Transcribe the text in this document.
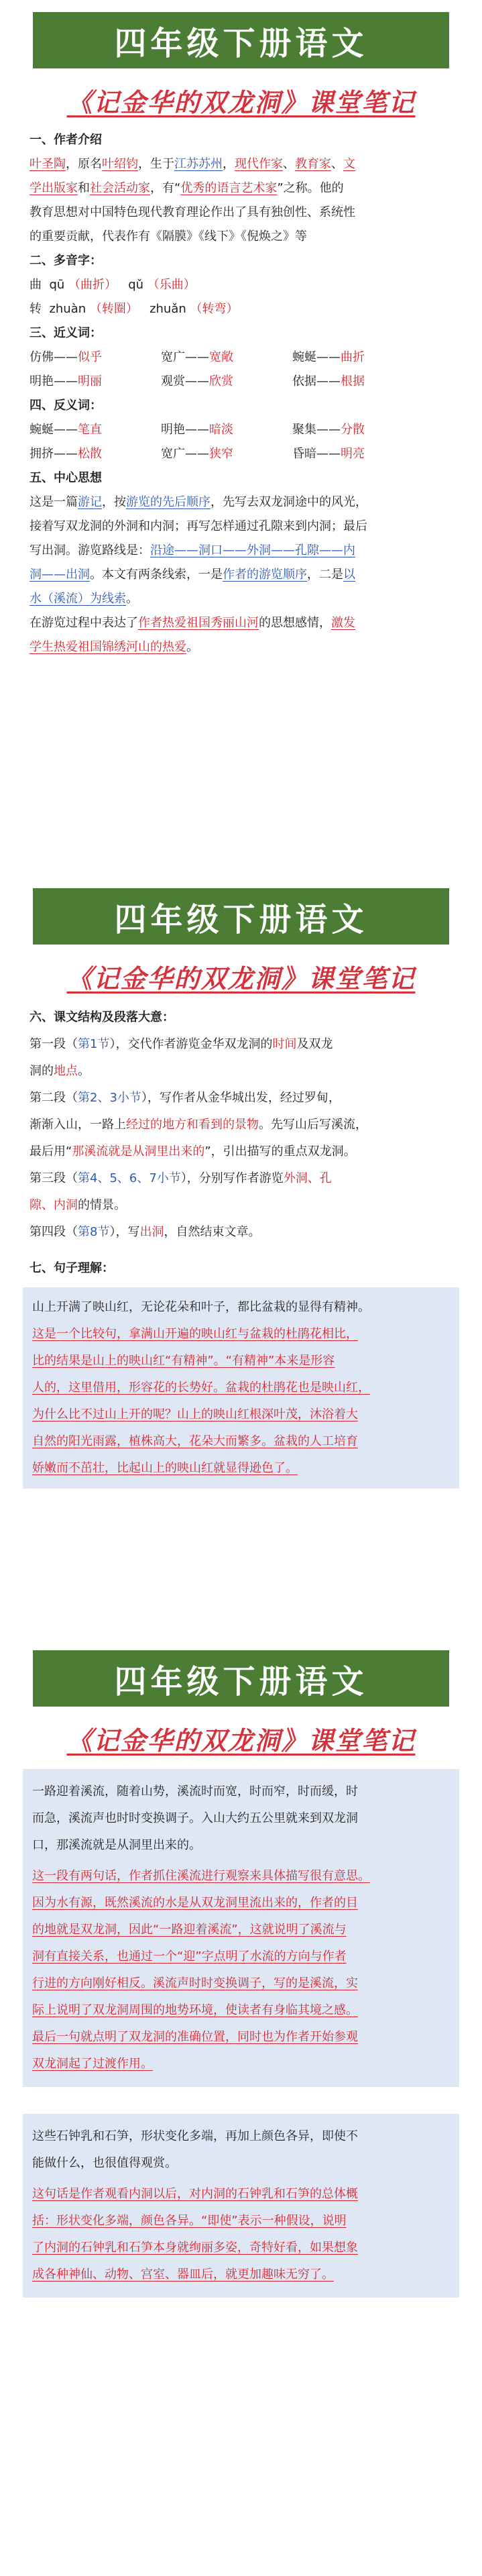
四年级下册语文
《记金华的双龙洞》课堂笔记
一、作者介绍
叶圣陶，原名叶绍钧，生于江苏苏州，现代作家、教育家、文
学出版家和社会活动家，有“优秀的语言艺术家”之称。他的
教育思想对中国特色现代教育理论作出了具有独创性、系统性
的重要贡献，代表作有《隔膜》《线下》《倪焕之》等
二、多音字：
曲 qū （曲折） qǔ （乐曲）
转 zhuàn （转圈） zhuǎn （转弯）
三、近义词：
仿佛——似乎	宽广——宽敞	蜿蜒——曲折
明艳——明丽	观赏——欣赏	依据——根据
四、反义词：
蜿蜒——笔直	明艳——暗淡	聚集——分散
拥挤——松散	宽广——狭窄	昏暗——明亮
五、中心思想
这是一篇游记，按游览的先后顺序，先写去双龙洞途中的风光，
接着写双龙洞的外洞和内洞；再写怎样通过孔隙来到内洞；最后
写出洞。游览路线是：沿途——洞口——外洞——孔隙——内
洞——出洞。本文有两条线索，一是作者的游览顺序，二是以
水（溪流）为线索。
在游览过程中表达了作者热爱祖国秀丽山河的思想感情，激发
学生热爱祖国锦绣河山的热爱。
四年级下册语文
《记金华的双龙洞》课堂笔记
六、课文结构及段落大意：
第一段（第1节），交代作者游览金华双龙洞的时间及双龙
洞的地点。
第二段（第2、3小节），写作者从金华城出发，经过罗甸，
渐渐入山，一路上经过的地方和看到的景物。先写山后写溪流，
最后用“那溪流就是从洞里出来的”，引出描写的重点双龙洞。
第三段（第4、5、6、7小节），分别写作者游览外洞、孔
隙、内洞的情景。
第四段（第8节），写出洞，自然结束文章。
七、句子理解：
山上开满了映山红，无论花朵和叶子，都比盆栽的显得有精神。
这是一个比较句，拿满山开遍的映山红与盆栽的杜鹃花相比，
比的结果是山上的映山红“有精神”。“有精神”本来是形容
人的，这里借用，形容花的长势好。盆栽的杜鹃花也是映山红，
为什么比不过山上开的呢？山上的映山红根深叶茂，沐浴着大
自然的阳光雨露，植株高大，花朵大而繁多。盆栽的人工培育
娇嫩而不茁壮，比起山上的映山红就显得逊色了。
四年级下册语文
《记金华的双龙洞》课堂笔记
一路迎着溪流，随着山势，溪流时而宽，时而窄，时而缓，时
而急，溪流声也时时变换调子。入山大约五公里就来到双龙洞
口，那溪流就是从洞里出来的。
这一段有两句话，作者抓住溪流进行观察来具体描写很有意思。
因为水有源，既然溪流的水是从双龙洞里流出来的，作者的目
的地就是双龙洞，因此“一路迎着溪流”，这就说明了溪流与
洞有直接关系，也通过一个“迎”字点明了水流的方向与作者
行进的方向刚好相反。溪流声时时变换调子，写的是溪流，实
际上说明了双龙洞周围的地势环境，使读者有身临其境之感。
最后一句就点明了双龙洞的准确位置，同时也为作者开始参观
双龙洞起了过渡作用。
这些石钟乳和石笋，形状变化多端，再加上颜色各异，即使不
能做什么，也很值得观赏。
这句话是作者观看内洞以后，对内洞的石钟乳和石笋的总体概
括：形状变化多端，颜色各异。“即使”表示一种假设，说明
了内洞的石钟乳和石笋本身就绚丽多姿，奇特好看，如果想象
成各种神仙、动物、宫室、器皿后，就更加趣味无穷了。
